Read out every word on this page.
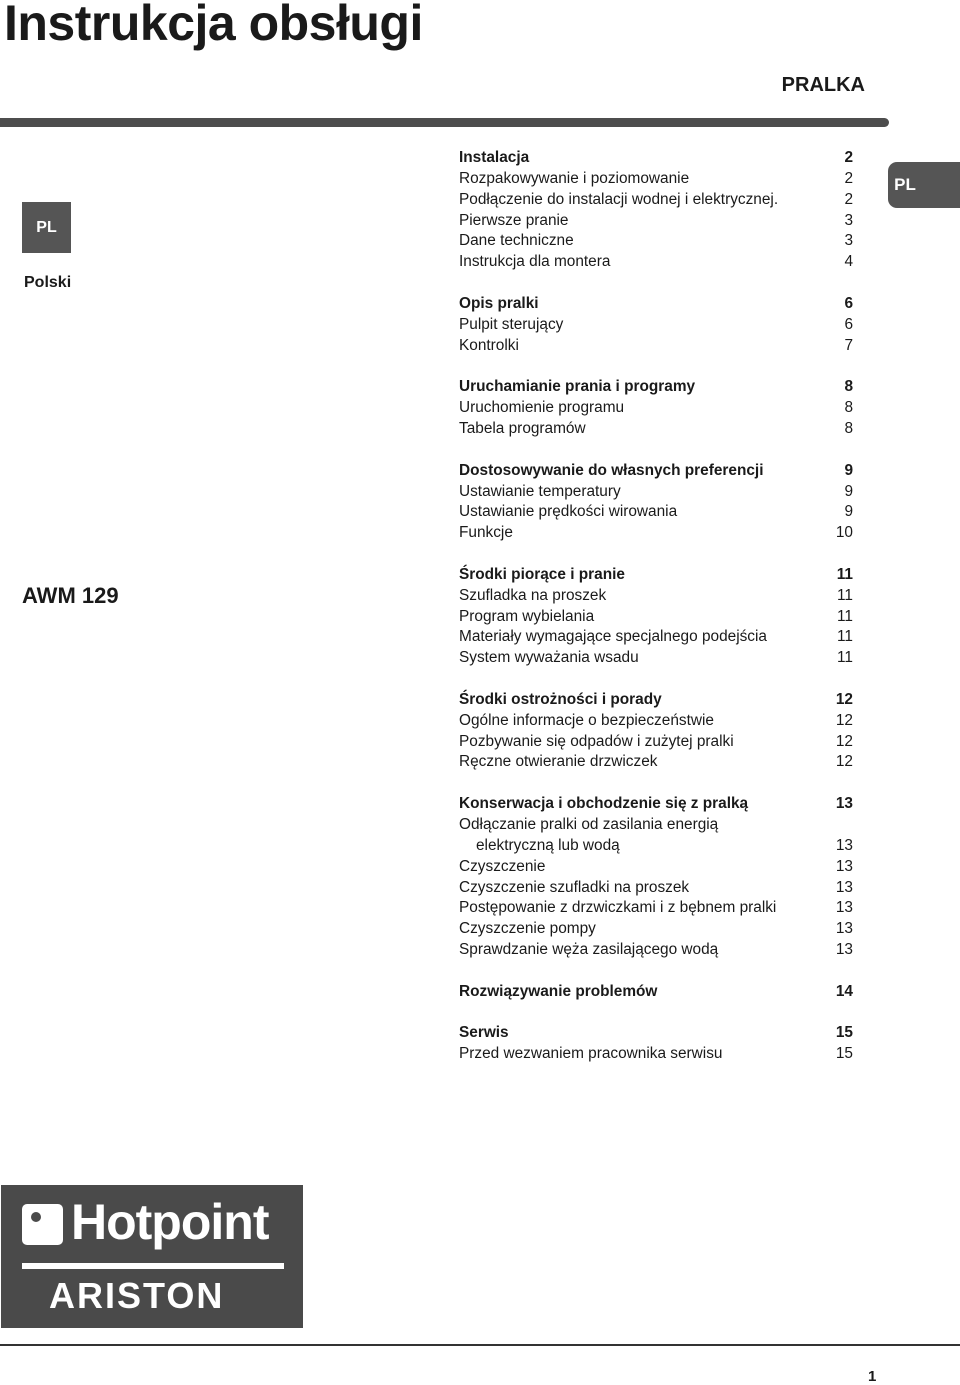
Instrukcja obsługi
PRALKA
PL
Polski
PL
AWM 129
Instalacja	2
Rozpakowywanie i poziomowanie	2
Podłączenie do instalacji wodnej i elektrycznej.	2
Pierwsze pranie	3
Dane techniczne	3
Instrukcja dla montera	4
Opis pralki	6
Pulpit sterujący	6
Kontrolki	7
Uruchamianie prania i programy	8
Uruchomienie programu	8
Tabela programów	8
Dostosowywanie do własnych preferencji	9
Ustawianie temperatury	9
Ustawianie prędkości wirowania	9
Funkcje	10
Środki piorące i pranie	11
Szufladka na proszek	11
Program wybielania	11
Materiały wymagające specjalnego podejścia	11
System wyważania wsadu	11
Środki ostrożności i porady	12
Ogólne informacje o bezpieczeństwie	12
Pozbywanie się odpadów i zużytej pralki	12
Ręczne otwieranie drzwiczek	12
Konserwacja i obchodzenie się z pralką	13
Odłączanie pralki od zasilania energią
elektryczną lub wodą	13
Czyszczenie	13
Czyszczenie szufladki na proszek	13
Postępowanie z drzwiczkami i z bębnem pralki	13
Czyszczenie pompy	13
Sprawdzanie węża zasilającego wodą	13
Rozwiązywanie problemów	14
Serwis	15
Przed wezwaniem pracownika serwisu	15
Hotpoint
ARISTON
1
